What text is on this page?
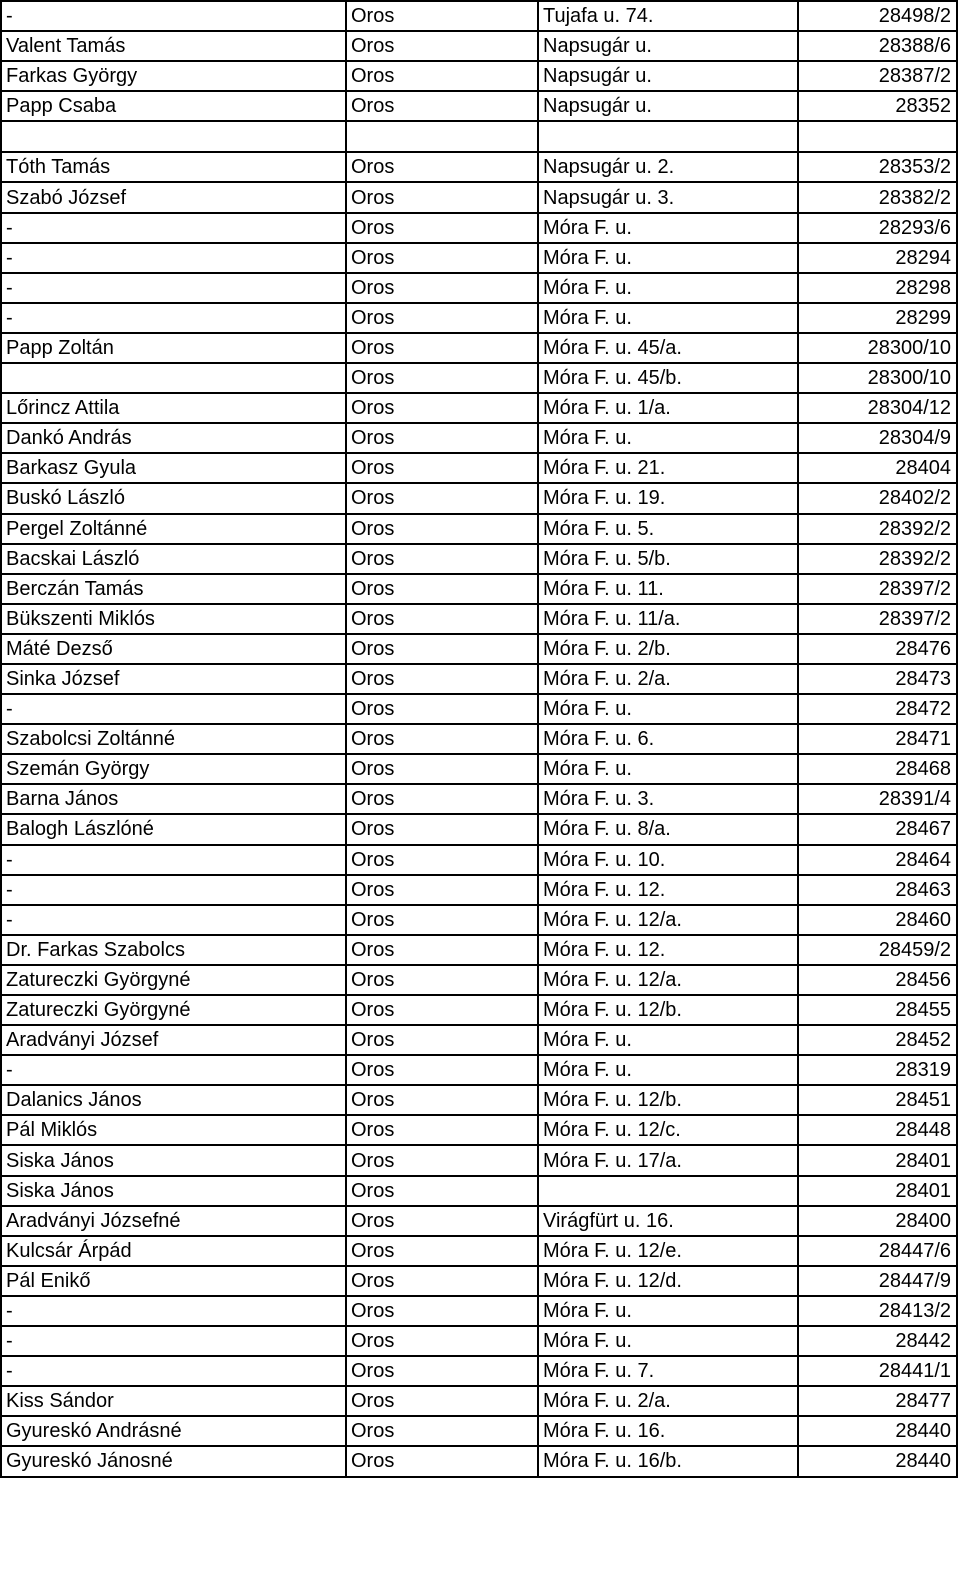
-	Oros	Tujafa u. 74.	28498/2
Valent Tamás	Oros	Napsugár u.	28388/6
Farkas György	Oros	Napsugár u.	28387/2
Papp Csaba	Oros	Napsugár u.	28352

Tóth Tamás	Oros	Napsugár u. 2.	28353/2
Szabó József	Oros	Napsugár u. 3.	28382/2
-	Oros	Móra F. u.	28293/6
-	Oros	Móra F. u.	28294
-	Oros	Móra F. u.	28298
-	Oros	Móra F. u.	28299
Papp Zoltán	Oros	Móra F. u. 45/a.	28300/10
	Oros	Móra F. u. 45/b.	28300/10
Lőrincz Attila	Oros	Móra F. u. 1/a.	28304/12
Dankó András	Oros	Móra F. u.	28304/9
Barkasz Gyula	Oros	Móra F. u. 21.	28404
Buskó László	Oros	Móra F. u. 19.	28402/2
Pergel Zoltánné	Oros	Móra F. u. 5.	28392/2
Bacskai László	Oros	Móra F. u. 5/b.	28392/2
Berczán Tamás	Oros	Móra F. u. 11.	28397/2
Bükszenti Miklós	Oros	Móra F. u. 11/a.	28397/2
Máté Dezső	Oros	Móra F. u. 2/b.	28476
Sinka József	Oros	Móra F. u. 2/a.	28473
-	Oros	Móra F. u.	28472
Szabolcsi Zoltánné	Oros	Móra F. u. 6.	28471
Szemán György	Oros	Móra F. u.	28468
Barna János	Oros	Móra F. u. 3.	28391/4
Balogh Lászlóné	Oros	Móra F. u. 8/a.	28467
-	Oros	Móra F. u. 10.	28464
-	Oros	Móra F. u. 12.	28463
-	Oros	Móra F. u. 12/a.	28460
Dr. Farkas Szabolcs	Oros	Móra F. u. 12.	28459/2
Zatureczki Györgyné	Oros	Móra F. u. 12/a.	28456
Zatureczki Györgyné	Oros	Móra F. u. 12/b.	28455
Aradványi József	Oros	Móra F. u.	28452
-	Oros	Móra F. u.	28319
Dalanics János	Oros	Móra F. u. 12/b.	28451
Pál Miklós	Oros	Móra F. u. 12/c.	28448
Siska János	Oros	Móra F. u. 17/a.	28401
Siska János	Oros		28401
Aradványi Józsefné	Oros	Virágfürt u. 16.	28400
Kulcsár Árpád	Oros	Móra F. u. 12/e.	28447/6
Pál Enikő	Oros	Móra F. u. 12/d.	28447/9
-	Oros	Móra F. u.	28413/2
-	Oros	Móra F. u.	28442
-	Oros	Móra F. u. 7.	28441/1
Kiss Sándor	Oros	Móra F. u. 2/a.	28477
Gyureskó Andrásné	Oros	Móra F. u. 16.	28440
Gyureskó Jánosné	Oros	Móra F. u. 16/b.	28440
